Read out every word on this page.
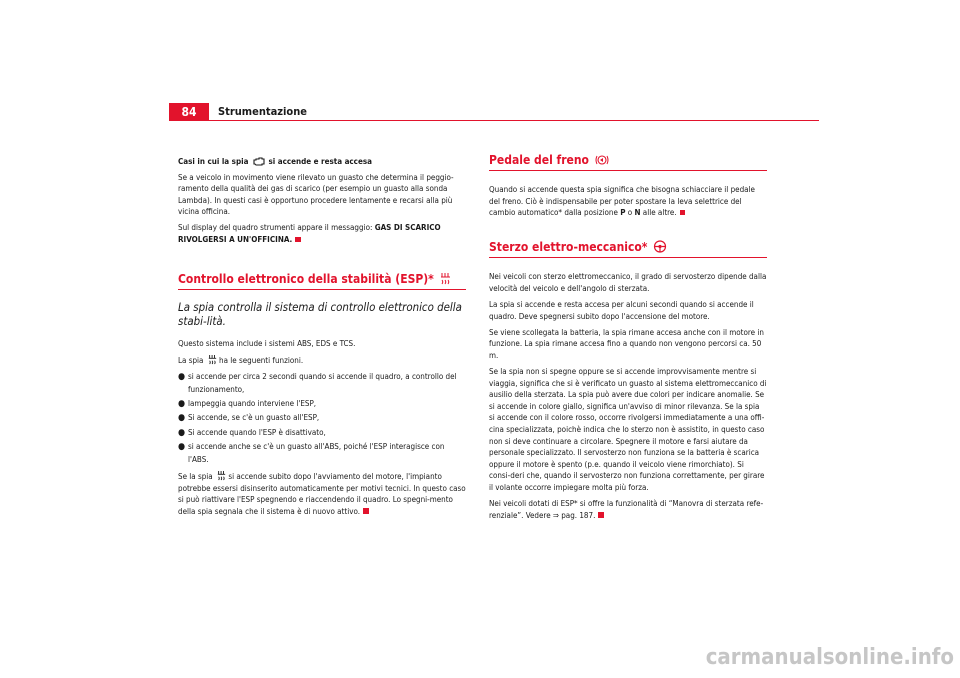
84	Strumentazione

Casi in cui la spia	si accende e resta accesa

Se a veicolo in movimento viene rilevato un guasto che determina il peggio-ramento della qualità dei gas di scarico (per esempio un guasto alla sonda Lambda). In questi casi è opportuno procedere lentamente e recarsi alla più vicina officina.

Sul display del quadro strumenti appare il messaggio: GAS DI SCARICO RIVOLGERSI A UN'OFFICINA.

Controllo elettronico della stabilità (ESP)*

La spia controlla il sistema di controllo elettronico della stabi-lità.

Questo sistema include i sistemi ABS, EDS e TCS.

La spia ha le seguenti funzioni.

● si accende per circa 2 secondi quando si accende il quadro, a controllo del funzionamento,

● lampeggia quando interviene l'ESP,

● Si accende, se c'è un guasto all'ESP,

● Si accende quando l'ESP è disattivato,

● si accende anche se c'è un guasto all'ABS, poiché l'ESP interagisce con l'ABS.

Se la spia si accende subito dopo l'avviamento del motore, l'impianto potrebbe essersi disinserito automaticamente per motivi tecnici. In questo caso si può riattivare l'ESP spegnendo e riaccendendo il quadro. Lo spegni-mento della spia segnala che il sistema è di nuovo attivo.

Pedale del freno

Quando si accende questa spia significa che bisogna schiacciare il pedale del freno. Ciò è indispensabile per poter spostare la leva selettrice del cambio automatico* dalla posizione P o N alle altre.

Sterzo elettro-meccanico*

Nei veicoli con sterzo elettromeccanico, il grado di servosterzo dipende dalla velocità del veicolo e dell'angolo di sterzata.

La spia si accende e resta accesa per alcuni secondi quando si accende il quadro. Deve spegnersi subito dopo l'accensione del motore.

Se viene scollegata la batteria, la spia rimane accesa anche con il motore in funzione. La spia rimane accesa fino a quando non vengono percorsi ca. 50 m.

Se la spia non si spegne oppure se si accende improvvisamente mentre si viaggia, significa che si è verificato un guasto al sistema elettromeccanico di ausilio della sterzata. La spia può avere due colori per indicare anomalie. Se si accende in colore giallo, significa un'avviso di minor rilevanza. Se la spia si accende con il colore rosso, occorre rivolgersi immediatamente a una offi-cina specializzata, poichè indica che lo sterzo non è assistito, in questo caso non si deve continuare a circolare. Spegnere il motore e farsi aiutare da personale specializzato. Il servosterzo non funziona se la batteria è scarica oppure il motore è spento (p.e. quando il veicolo viene rimorchiato). Si consi-deri che, quando il servosterzo non funziona correttamente, per girare il volante occorre impiegare molta più forza.

Nei veicoli dotati di ESP* si offre la funzionalità di “Manovra di sterzata refe-renziale”. Vedere ⇒ pag. 187.

carmanualsonline.info
